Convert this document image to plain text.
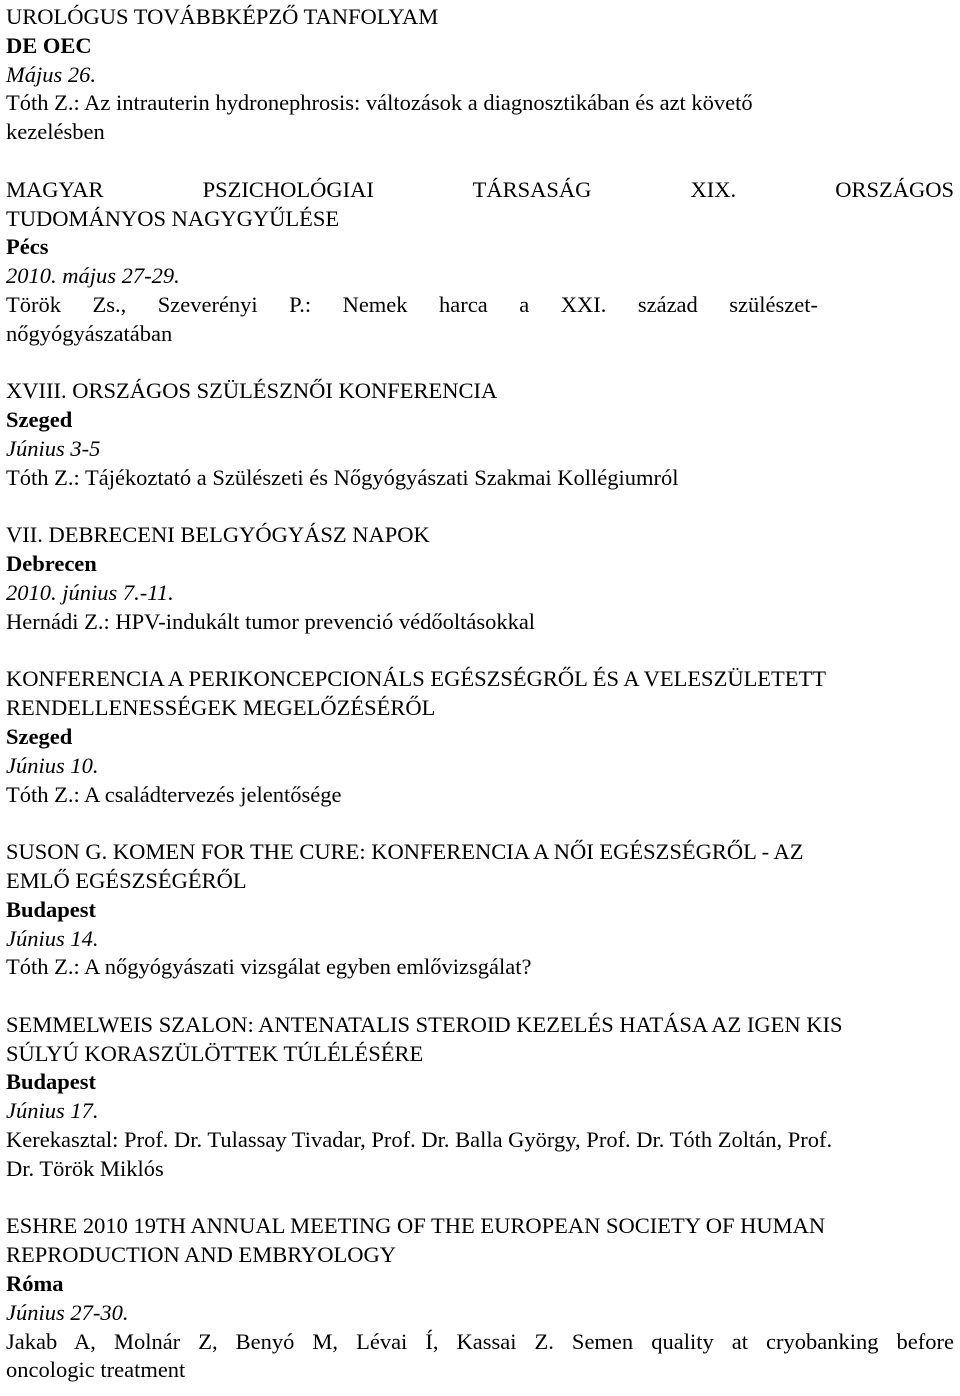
UROLÓGUS TOVÁBBKÉPZŐ TANFOLYAM
DE OEC
Május 26.
Tóth Z.: Az intrauterin hydronephrosis: változások a diagnosztikában és azt követő
kezelésben
MAGYAR PSZICHOLÓGIAI TÁRSASÁG XIX. ORSZÁGOS
TUDOMÁNYOS NAGYGYŰLÉSE
Pécs
2010. május 27-29.
Török Zs., Szeverényi P.: Nemek harca a XXI. század szülészet-
nőgyógyászatában
XVIII. ORSZÁGOS SZÜLÉSZNŐI KONFERENCIA
Szeged
Június 3-5
Tóth Z.: Tájékoztató a Szülészeti és Nőgyógyászati Szakmai Kollégiumról
VII. DEBRECENI BELGYÓGYÁSZ NAPOK
Debrecen
2010. június 7.-11.
Hernádi Z.: HPV-indukált tumor prevenció védőoltásokkal
KONFERENCIA A PERIKONCEPCIONÁLS EGÉSZSÉGRŐL ÉS A VELESZÜLETETT
RENDELLENESSÉGEK MEGELŐZÉSÉRŐL
Szeged
Június 10.
Tóth Z.: A családtervezés jelentősége
SUSON G. KOMEN FOR THE CURE: KONFERENCIA A NŐI EGÉSZSÉGRŐL - AZ
EMLŐ EGÉSZSÉGÉRŐL
Budapest
Június 14.
Tóth Z.: A nőgyógyászati vizsgálat egyben emlővizsgálat?
SEMMELWEIS SZALON: ANTENATALIS STEROID KEZELÉS HATÁSA AZ IGEN KIS
SÚLYÚ KORASZÜLÖTTEK TÚLÉLÉSÉRE
Budapest
Június 17.
Kerekasztal: Prof. Dr. Tulassay Tivadar, Prof. Dr. Balla György, Prof. Dr. Tóth Zoltán, Prof.
Dr. Török Miklós
ESHRE 2010 19TH ANNUAL MEETING OF THE EUROPEAN SOCIETY OF HUMAN
REPRODUCTION AND EMBRYOLOGY
Róma
Június 27-30.
Jakab A, Molnár Z, Benyó M, Lévai Í, Kassai Z. Semen quality at cryobanking before
oncologic treatment
